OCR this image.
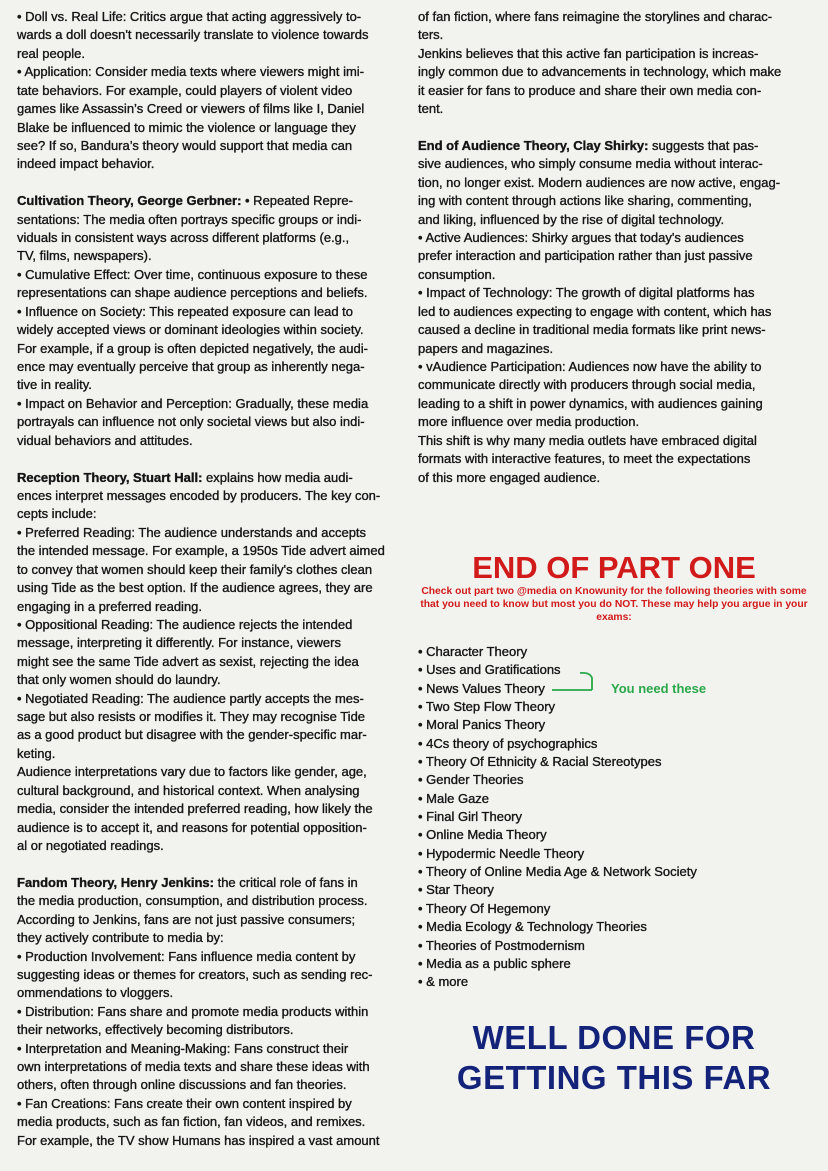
• Doll vs. Real Life: Critics argue that acting aggressively to-
wards a doll doesn't necessarily translate to violence towards
real people.
• Application: Consider media texts where viewers might imi-
tate behaviors. For example, could players of violent video
games like Assassin’s Creed or viewers of films like I, Daniel
Blake be influenced to mimic the violence or language they
see? If so, Bandura’s theory would support that media can
indeed impact behavior.
Cultivation Theory, George Gerbner: • Repeated Repre-
sentations: The media often portrays specific groups or indi-
viduals in consistent ways across different platforms (e.g.,
TV, films, newspapers).
• Cumulative Effect: Over time, continuous exposure to these
representations can shape audience perceptions and beliefs.
• Influence on Society: This repeated exposure can lead to
widely accepted views or dominant ideologies within society.
For example, if a group is often depicted negatively, the audi-
ence may eventually perceive that group as inherently nega-
tive in reality.
• Impact on Behavior and Perception: Gradually, these media
portrayals can influence not only societal views but also indi-
vidual behaviors and attitudes.
Reception Theory, Stuart Hall: explains how media audi-
ences interpret messages encoded by producers. The key con-
cepts include:
• Preferred Reading: The audience understands and accepts
the intended message. For example, a 1950s Tide advert aimed
to convey that women should keep their family's clothes clean
using Tide as the best option. If the audience agrees, they are
engaging in a preferred reading.
• Oppositional Reading: The audience rejects the intended
message, interpreting it differently. For instance, viewers
might see the same Tide advert as sexist, rejecting the idea
that only women should do laundry.
• Negotiated Reading: The audience partly accepts the mes-
sage but also resists or modifies it. They may recognise Tide
as a good product but disagree with the gender-specific mar-
keting.
Audience interpretations vary due to factors like gender, age,
cultural background, and historical context. When analysing
media, consider the intended preferred reading, how likely the
audience is to accept it, and reasons for potential opposition-
al or negotiated readings.
Fandom Theory, Henry Jenkins: the critical role of fans in
the media production, consumption, and distribution process.
According to Jenkins, fans are not just passive consumers;
they actively contribute to media by:
• Production Involvement: Fans influence media content by
suggesting ideas or themes for creators, such as sending rec-
ommendations to vloggers.
• Distribution: Fans share and promote media products within
their networks, effectively becoming distributors.
• Interpretation and Meaning-Making: Fans construct their
own interpretations of media texts and share these ideas with
others, often through online discussions and fan theories.
• Fan Creations: Fans create their own content inspired by
media products, such as fan fiction, fan videos, and remixes.
For example, the TV show Humans has inspired a vast amount
of fan fiction, where fans reimagine the storylines and charac-
ters.
Jenkins believes that this active fan participation is increas-
ingly common due to advancements in technology, which make
it easier for fans to produce and share their own media con-
tent.
End of Audience Theory, Clay Shirky: suggests that pas-
sive audiences, who simply consume media without interac-
tion, no longer exist. Modern audiences are now active, engag-
ing with content through actions like sharing, commenting,
and liking, influenced by the rise of digital technology.
• Active Audiences: Shirky argues that today's audiences
prefer interaction and participation rather than just passive
consumption.
• Impact of Technology: The growth of digital platforms has
led to audiences expecting to engage with content, which has
caused a decline in traditional media formats like print news-
papers and magazines.
• vAudience Participation: Audiences now have the ability to
communicate directly with producers through social media,
leading to a shift in power dynamics, with audiences gaining
more influence over media production.
This shift is why many media outlets have embraced digital
formats with interactive features, to meet the expectations
of this more engaged audience.
END OF PART ONE
Check out part two @media on Knowunity for the following theories with some that you need to know but most you do NOT. These may help you argue in your exams:
• Character Theory
• Uses and Gratifications
• News Values Theory
• Two Step Flow Theory
• Moral Panics Theory
• 4Cs theory of psychographics
• Theory Of Ethnicity & Racial Stereotypes
• Gender Theories
• Male Gaze
• Final Girl Theory
• Online Media Theory
• Hypodermic Needle Theory
• Theory of Online Media Age & Network Society
• Star Theory
• Theory Of Hegemony
• Media Ecology & Technology Theories
• Theories of Postmodernism
• Media as a public sphere
• & more
You need these
WELL DONE FOR
GETTING THIS FAR
